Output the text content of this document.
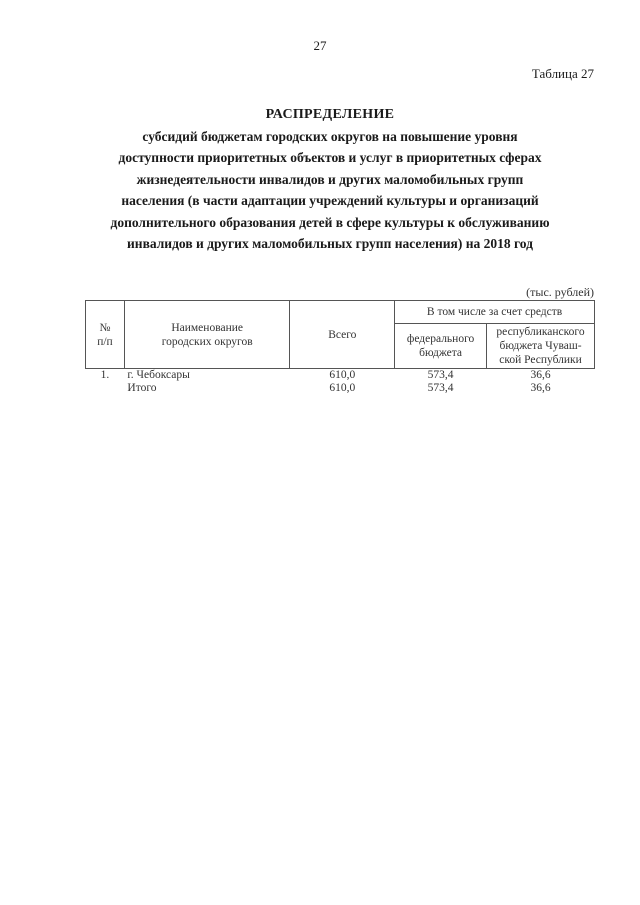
27
Таблица 27
РАСПРЕДЕЛЕНИЕ
субсидий бюджетам городских округов на повышение уровня
доступности приоритетных объектов и услуг в приоритетных сферах
жизнедеятельности инвалидов и других маломобильных групп
населения (в части адаптации учреждений культуры и организаций
дополнительного образования детей в сфере культуры к обслуживанию
инвалидов и других маломобильных групп населения) на 2018 год
(тыс. рублей)
№
п/п

Наименование
городских округов
	Всего	В том числе за счет средств

федерального
бюджета

республиканского
бюджета Чуваш-
ской Республики

1.	г. Чебоксары	610,0	573,4	36,6
	Итого	610,0	573,4	36,6
